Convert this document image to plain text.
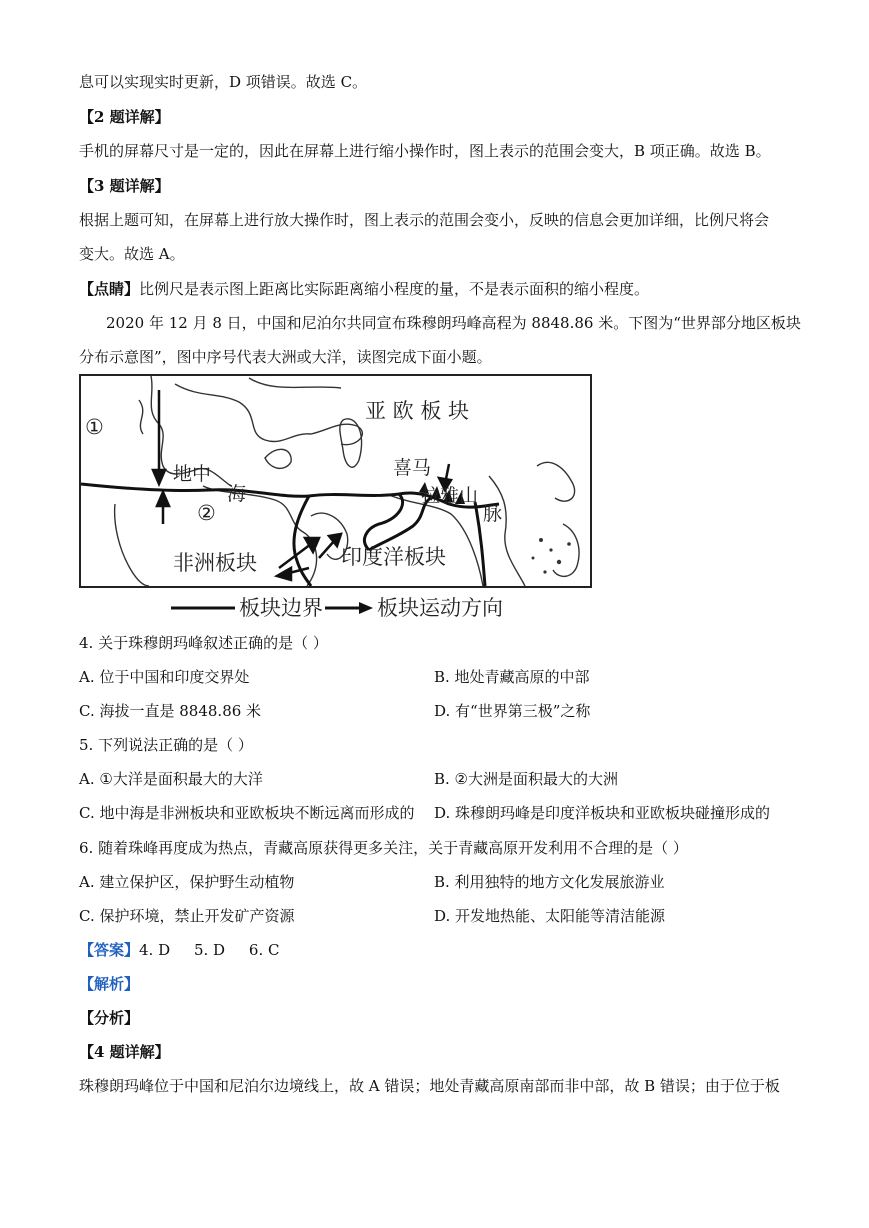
息可以实现实时更新，D 项错误。故选 C。
【2 题详解】
手机的屏幕尺寸是一定的，因此在屏幕上进行缩小操作时，图上表示的范围会变大，B 项正确。故选 B。
【3 题详解】
根据上题可知，在屏幕上进行放大操作时，图上表示的范围会变小，反映的信息会更加详细，比例尺将会
变大。故选 A。
【点睛】比例尺是表示图上距离比实际距离缩小程度的量，不是表示面积的缩小程度。
2020 年 12 月 8 日，中国和尼泊尔共同宣布珠穆朗玛峰高程为 8848.86 米。下图为“世界部分地区板块
分布示意图”，图中序号代表大洲或大洋，读图完成下面小题。
亚 欧 板 块
①
②
地中
海
喜马
拉雅山
脉
非洲板块	印度洋板块
板块边界	板块运动方向
4. 关于珠穆朗玛峰叙述正确的是（ ）
A. 位于中国和印度交界处	B. 地处青藏高原的中部
C. 海拔一直是 8848.86 米	D. 有“世界第三极”之称
5. 下列说法正确的是（ ）
A. ①大洋是面积最大的大洋	B. ②大洲是面积最大的大洲
C. 地中海是非洲板块和亚欧板块不断远离而形成的 D. 珠穆朗玛峰是印度洋板块和亚欧板块碰撞形成的
6. 随着珠峰再度成为热点，青藏高原获得更多关注，关于青藏高原开发利用不合理的是（ ）
A. 建立保护区，保护野生动植物	B. 利用独特的地方文化发展旅游业
C. 保护环境，禁止开发矿产资源	D. 开发地热能、太阳能等清洁能源
【答案】4. D     5. D     6. C
【解析】
【分析】
【4 题详解】
珠穆朗玛峰位于中国和尼泊尔边境线上，故 A 错误；地处青藏高原南部而非中部，故 B 错误；由于位于板
